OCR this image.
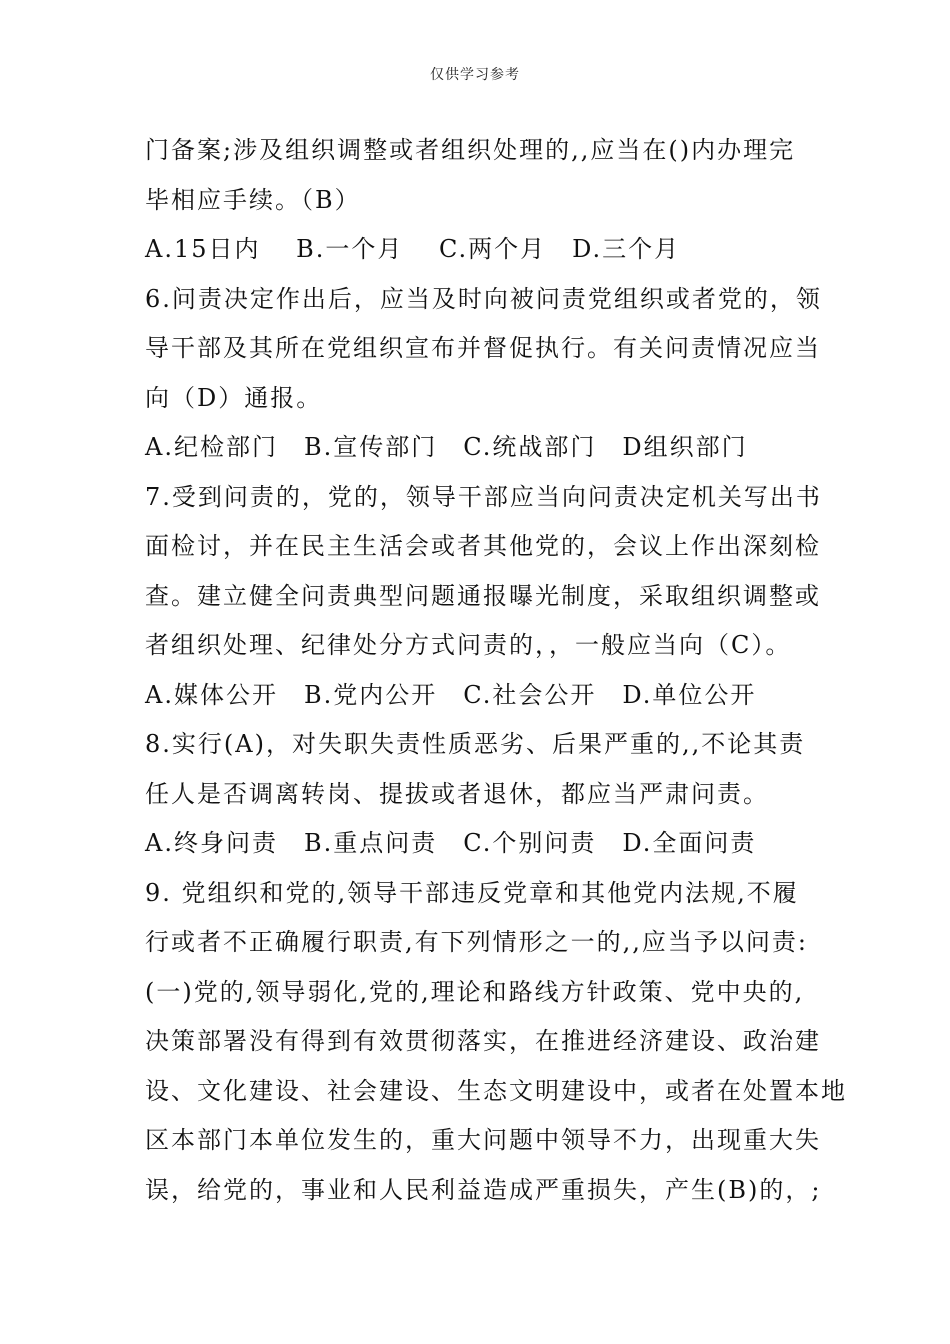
仅供学习参考
门备案;涉及组织调整或者组织处理的,,应当在()内办理完
毕相应手续。（B）
A.15日内　 B.一个月　 C.两个月　D.三个月
6.问责决定作出后，应当及时向被问责党组织或者党的，领
导干部及其所在党组织宣布并督促执行。有关问责情况应当
向（D）通报。
A.纪检部门　B.宣传部门　C.统战部门　D组织部门
7.受到问责的，党的，领导干部应当向问责决定机关写出书
面检讨，并在民主生活会或者其他党的，会议上作出深刻检
查。建立健全问责典型问题通报曝光制度，采取组织调整或
者组织处理、纪律处分方式问责的，，一般应当向（C）。
A.媒体公开　B.党内公开　C.社会公开　D.单位公开
8.实行(A)，对失职失责性质恶劣、后果严重的,,不论其责
任人是否调离转岗、提拔或者退休，都应当严肃问责。
A.终身问责　B.重点问责　C.个别问责　D.全面问责
9. 党组织和党的,领导干部违反党章和其他党内法规,不履
行或者不正确履行职责,有下列情形之一的,,应当予以问责:
(一)党的,领导弱化,党的,理论和路线方针政策、党中央的,
决策部署没有得到有效贯彻落实，在推进经济建设、政治建
设、文化建设、社会建设、生态文明建设中，或者在处置本地
区本部门本单位发生的，重大问题中领导不力，出现重大失
误，给党的，事业和人民利益造成严重损失，产生(B)的，;
